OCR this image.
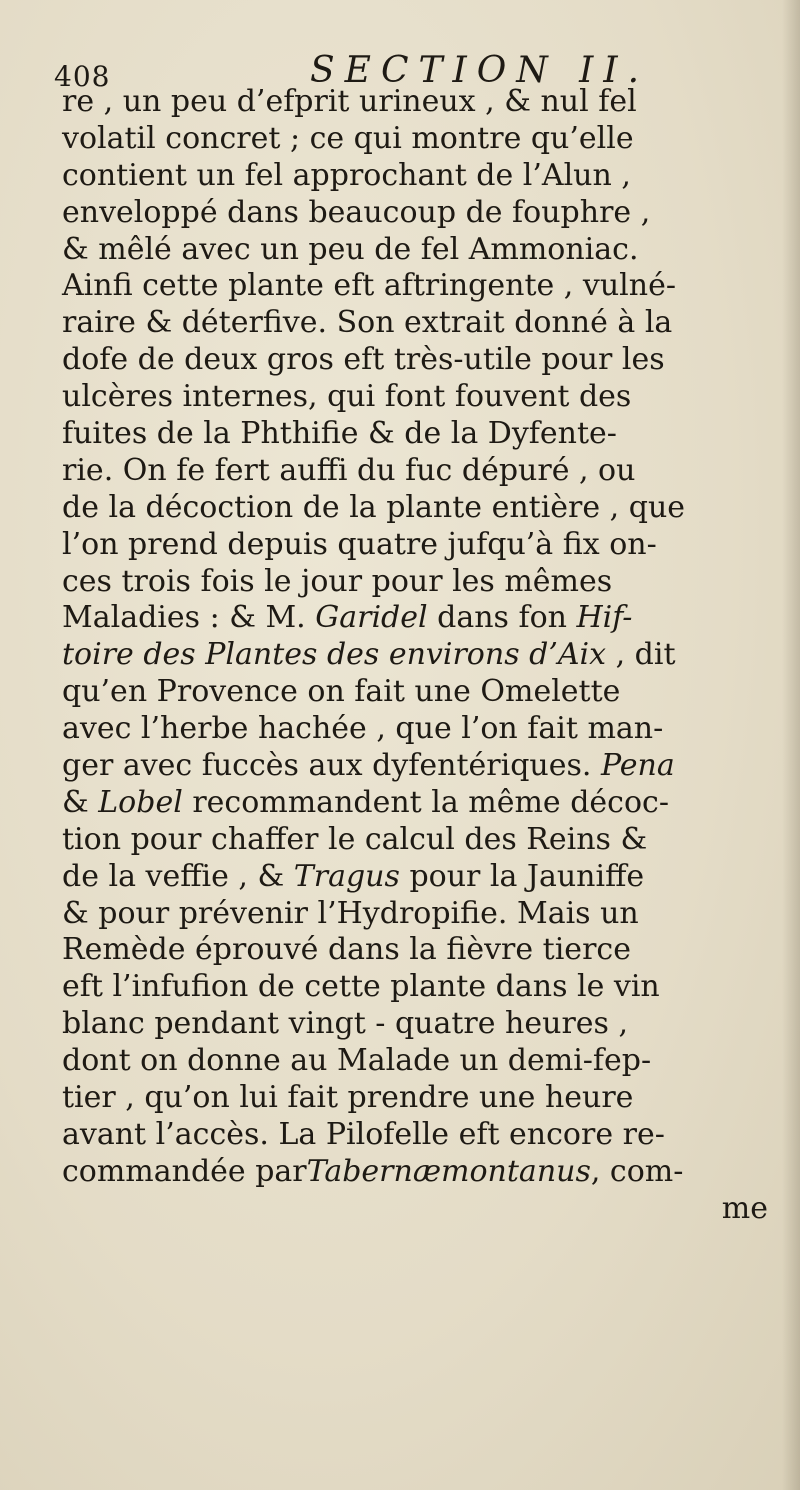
408	SECTION II.
re , un peu d’efprit urineux , & nul fel
volatil concret ; ce qui montre qu’elle
contient un fel approchant de l’Alun ,
enveloppé dans beaucoup de fouphre ,
& mêlé avec un peu de fel Ammoniac.
Ainfi cette plante eft aftringente , vulné-
raire & déterfive. Son extrait donné à la
dofe de deux gros eft très-utile pour les
ulcères internes, qui font fouvent des
fuites de la Phthifie & de la Dyfente-
rie. On fe fert auffi du fuc dépuré , ou
de la décoction de la plante entière , que
l’on prend depuis quatre jufqu’à fix on-
ces trois fois le jour pour les mêmes
Maladies : & M. Garidel dans fon Hif-
toire des Plantes des environs d’Aix , dit
qu’en Provence on fait une Omelette
avec l’herbe hachée , que l’on fait man-
ger avec fuccès aux dyfentériques. Pena
& Lobel recommandent la même décoc-
tion pour chaffer le calcul des Reins &
de la veffie , & Tragus pour la Jauniffe
& pour prévenir l’Hydropifie. Mais un
Remède éprouvé dans la fièvre tierce
eft l’infufion de cette plante dans le vin
blanc pendant vingt - quatre heures ,
dont on donne au Malade un demi-fep-
tier , qu’on lui fait prendre une heure
avant l’accès. La Pilofelle eft encore re-
commandée parTabernæmontanus, com-
me
